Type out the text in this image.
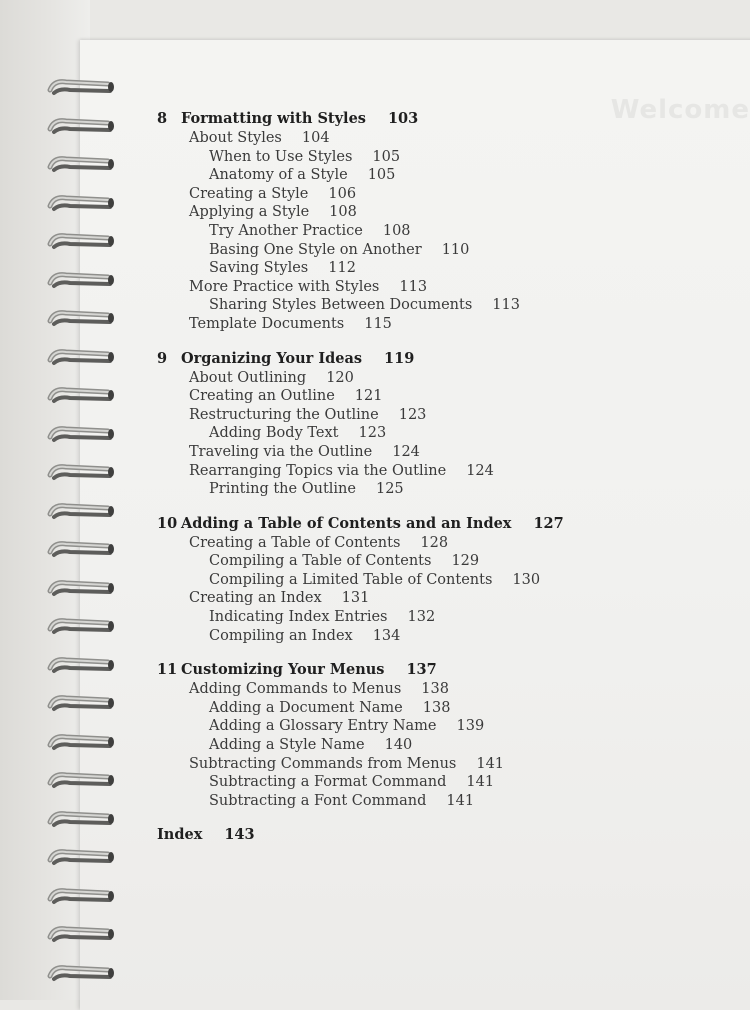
Welcome
8 Formatting with Styles 103
About Styles 104
When to Use Styles 105
Anatomy of a Style 105
Creating a Style 106
Applying a Style 108
Try Another Practice 108
Basing One Style on Another 110
Saving Styles 112
More Practice with Styles 113
Sharing Styles Between Documents 113
Template Documents 115
9 Organizing Your Ideas 119
About Outlining 120
Creating an Outline 121
Restructuring the Outline 123
Adding Body Text 123
Traveling via the Outline 124
Rearranging Topics via the Outline 124
Printing the Outline 125
10 Adding a Table of Contents and an Index 127
Creating a Table of Contents 128
Compiling a Table of Contents 129
Compiling a Limited Table of Contents 130
Creating an Index 131
Indicating Index Entries 132
Compiling an Index 134
11 Customizing Your Menus 137
Adding Commands to Menus 138
Adding a Document Name 138
Adding a Glossary Entry Name 139
Adding a Style Name 140
Subtracting Commands from Menus 141
Subtracting a Format Command 141
Subtracting a Font Command 141
Index 143
